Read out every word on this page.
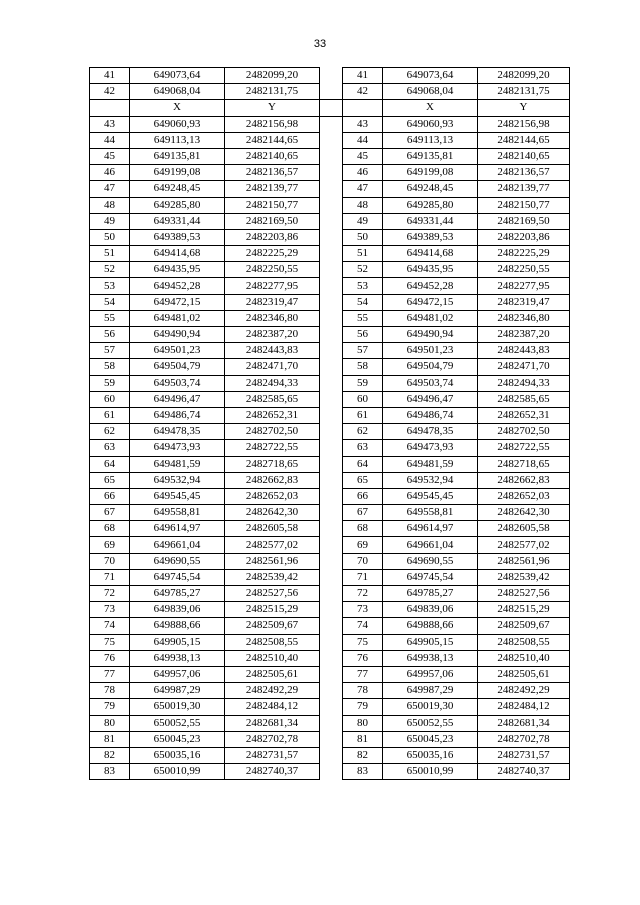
33
41	649073,64	2482099,20		41	649073,64	2482099,20
42	649068,04	2482131,75		42	649068,04	2482131,75
	X	Y			X	Y
43	649060,93	2482156,98		43	649060,93	2482156,98
44	649113,13	2482144,65		44	649113,13	2482144,65
45	649135,81	2482140,65		45	649135,81	2482140,65
46	649199,08	2482136,57		46	649199,08	2482136,57
47	649248,45	2482139,77		47	649248,45	2482139,77
48	649285,80	2482150,77		48	649285,80	2482150,77
49	649331,44	2482169,50		49	649331,44	2482169,50
50	649389,53	2482203,86		50	649389,53	2482203,86
51	649414,68	2482225,29		51	649414,68	2482225,29
52	649435,95	2482250,55		52	649435,95	2482250,55
53	649452,28	2482277,95		53	649452,28	2482277,95
54	649472,15	2482319,47		54	649472,15	2482319,47
55	649481,02	2482346,80		55	649481,02	2482346,80
56	649490,94	2482387,20		56	649490,94	2482387,20
57	649501,23	2482443,83		57	649501,23	2482443,83
58	649504,79	2482471,70		58	649504,79	2482471,70
59	649503,74	2482494,33		59	649503,74	2482494,33
60	649496,47	2482585,65		60	649496,47	2482585,65
61	649486,74	2482652,31		61	649486,74	2482652,31
62	649478,35	2482702,50		62	649478,35	2482702,50
63	649473,93	2482722,55		63	649473,93	2482722,55
64	649481,59	2482718,65		64	649481,59	2482718,65
65	649532,94	2482662,83		65	649532,94	2482662,83
66	649545,45	2482652,03		66	649545,45	2482652,03
67	649558,81	2482642,30		67	649558,81	2482642,30
68	649614,97	2482605,58		68	649614,97	2482605,58
69	649661,04	2482577,02		69	649661,04	2482577,02
70	649690,55	2482561,96		70	649690,55	2482561,96
71	649745,54	2482539,42		71	649745,54	2482539,42
72	649785,27	2482527,56		72	649785,27	2482527,56
73	649839,06	2482515,29		73	649839,06	2482515,29
74	649888,66	2482509,67		74	649888,66	2482509,67
75	649905,15	2482508,55		75	649905,15	2482508,55
76	649938,13	2482510,40		76	649938,13	2482510,40
77	649957,06	2482505,61		77	649957,06	2482505,61
78	649987,29	2482492,29		78	649987,29	2482492,29
79	650019,30	2482484,12		79	650019,30	2482484,12
80	650052,55	2482681,34		80	650052,55	2482681,34
81	650045,23	2482702,78		81	650045,23	2482702,78
82	650035,16	2482731,57		82	650035,16	2482731,57
83	650010,99	2482740,37		83	650010,99	2482740,37
